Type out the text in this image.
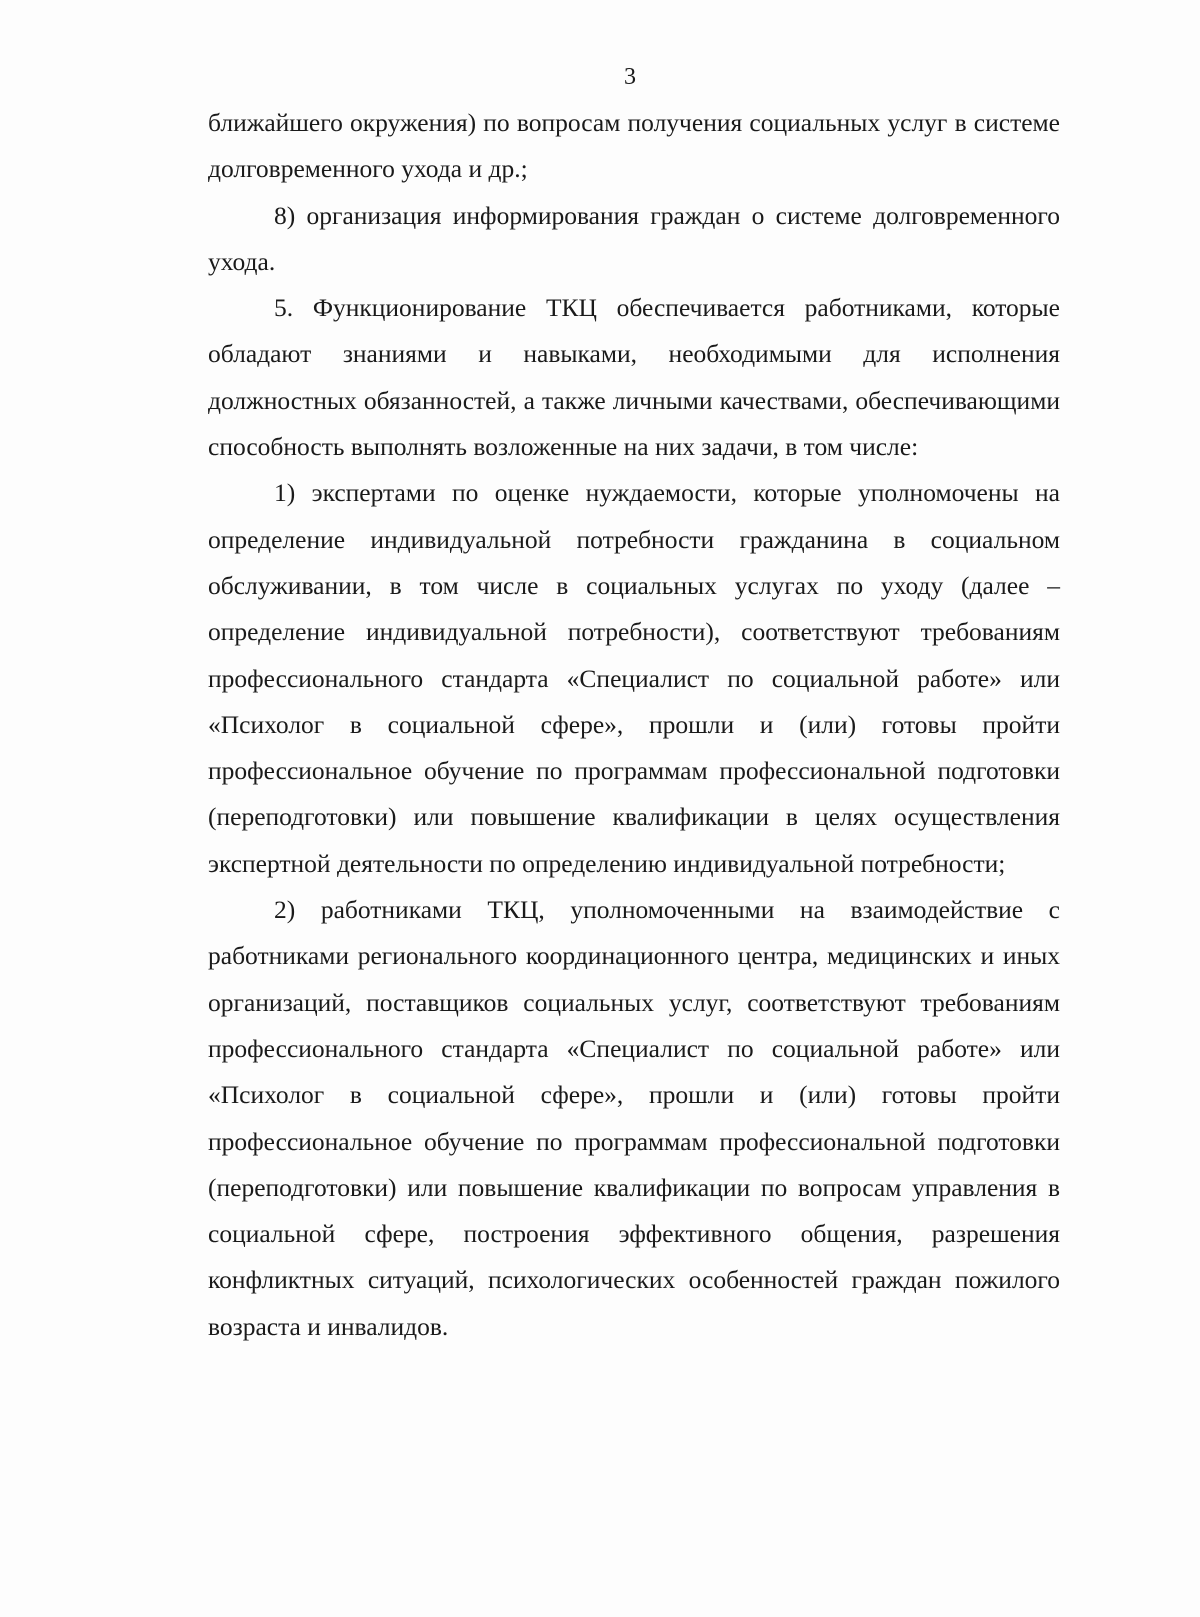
3

ближайшего окружения) по вопросам получения социальных услуг в системе долговременного ухода и др.;

8) организация информирования граждан о системе долговременного ухода.

5. Функционирование ТКЦ обеспечивается работниками, которые обладают знаниями и навыками, необходимыми для исполнения должностных обязанностей, а также личными качествами, обеспечивающими способность выполнять возложенные на них задачи, в том числе:

1) экспертами по оценке нуждаемости, которые уполномочены на определение индивидуальной потребности гражданина в социальном обслуживании, в том числе в социальных услугах по уходу (далее – определение индивидуальной потребности), соответствуют требованиям профессионального стандарта «Специалист по социальной работе» или «Психолог в социальной сфере», прошли и (или) готовы пройти профессиональное обучение по программам профессиональной подготовки (переподготовки) или повышение квалификации в целях осуществления экспертной деятельности по определению индивидуальной потребности;

2) работниками ТКЦ, уполномоченными на взаимодействие с работниками регионального координационного центра, медицинских и иных организаций, поставщиков социальных услуг, соответствуют требованиям профессионального стандарта «Специалист по социальной работе» или «Психолог в социальной сфере», прошли и (или) готовы пройти профессиональное обучение по программам профессиональной подготовки (переподготовки) или повышение квалификации по вопросам управления в социальной сфере, построения эффективного общения, разрешения конфликтных ситуаций, психологических особенностей граждан пожилого возраста и инвалидов.
